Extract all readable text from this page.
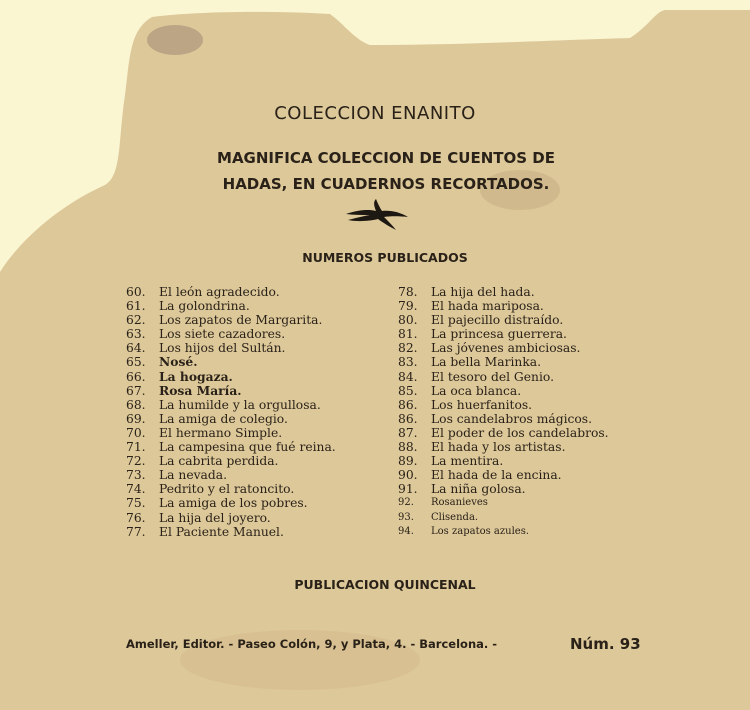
COLECCION ENANITO
MAGNIFICA COLECCION DE CUENTOS DE
HADAS, EN CUADERNOS RECORTADOS.
NUMEROS PUBLICADOS
60. El león agradecido.
61. La golondrina.
62. Los zapatos de Margarita.
63. Los siete cazadores.
64. Los hijos del Sultán.
65. Nosé.
66. La hogaza.
67. Rosa María.
68. La humilde y la orgullosa.
69. La amiga de colegio.
70. El hermano Simple.
71. La campesina que fué reina.
72. La cabrita perdida.
73. La nevada.
74. Pedrito y el ratoncito.
75. La amiga de los pobres.
76. La hija del joyero.
77. El Paciente Manuel.
78. La hija del hada.
79. El hada mariposa.
80. El pajecillo distraído.
81. La princesa guerrera.
82. Las jóvenes ambiciosas.
83. La bella Marinka.
84. El tesoro del Genio.
85. La oca blanca.
86. Los huerfanitos.
86. Los candelabros mágicos.
87. El poder de los candelabros.
88. El hada y los artistas.
89. La mentira.
90. El hada de la encina.
91. La niña golosa.
92. Rosanieves
93. Clisenda.
94. Los zapatos azules.
PUBLICACION QUINCENAL
Ameller, Editor. - Paseo Colón, 9, y Plata, 4. - Barcelona. -	Núm. 93
